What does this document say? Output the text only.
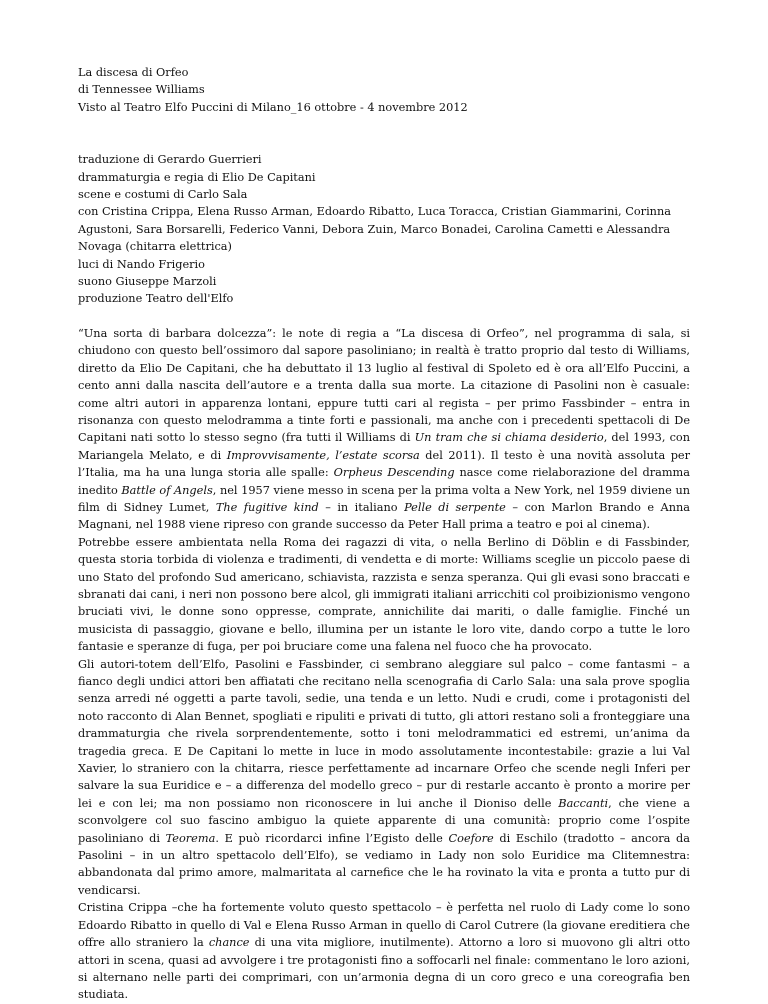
La discesa di Orfeo
di Tennessee Williams
Visto al Teatro Elfo Puccini di Milano_16 ottobre - 4 novembre 2012
traduzione di Gerardo Guerrieri
drammaturgia e regia di Elio De Capitani
scene e costumi di Carlo Sala
con Cristina Crippa, Elena Russo Arman, Edoardo Ribatto, Luca Toracca, Cristian Giammarini, Corinna Agustoni, Sara Borsarelli, Federico Vanni, Debora Zuin, Marco Bonadei, Carolina Cametti e Alessandra Novaga (chitarra elettrica)
luci di Nando Frigerio
suono Giuseppe Marzoli
produzione Teatro dell'Elfo

“Una sorta di barbara dolcezza”: le note di regia a “La discesa di Orfeo”, nel programma di sala, si chiudono con questo bell’ossimoro dal sapore pasoliniano; in realtà è tratto proprio dal testo di Williams, diretto da Elio De Capitani, che ha debuttato il 13 luglio al festival di Spoleto ed è ora all’Elfo Puccini, a cento anni dalla nascita dell’autore e a trenta dalla sua morte. La citazione di Pasolini non è casuale: come altri autori in apparenza lontani, eppure tutti cari al regista – per primo Fassbinder – entra in risonanza con questo melodramma a tinte forti e passionali, ma anche con i precedenti spettacoli di De Capitani nati sotto lo stesso segno (fra tutti il Williams di Un tram che si chiama desiderio, del 1993, con Mariangela Melato, e di Improvvisamente, l’estate scorsa del 2011). Il testo è una novità assoluta per l’Italia, ma ha una lunga storia alle spalle: Orpheus Descending nasce come rielaborazione del dramma inedito Battle of Angels, nel 1957 viene messo in scena per la prima volta a New York, nel 1959 diviene un film di Sidney Lumet, The fugitive kind – in italiano Pelle di serpente – con Marlon Brando e Anna Magnani, nel 1988 viene ripreso con grande successo da Peter Hall prima a teatro e poi al cinema).

Potrebbe essere ambientata nella Roma dei ragazzi di vita, o nella Berlino di Döblin e di Fassbinder, questa storia torbida di violenza e tradimenti, di vendetta e di morte: Williams sceglie un piccolo paese di uno Stato del profondo Sud americano, schiavista, razzista e senza speranza. Qui gli evasi sono braccati e sbranati dai cani, i neri non possono bere alcol, gli immigrati italiani arricchiti col proibizionismo vengono bruciati vivi, le donne sono oppresse, comprate, annichilite dai mariti, o dalle famiglie. Finché un musicista di passaggio, giovane e bello, illumina per un istante le loro vite, dando corpo a tutte le loro fantasie e speranze di fuga, per poi bruciare come una falena nel fuoco che ha provocato.

Gli autori-totem dell’Elfo, Pasolini e Fassbinder, ci sembrano aleggiare sul palco – come fantasmi – a fianco degli undici attori ben affiatati che recitano nella scenografia di Carlo Sala: una sala prove spoglia senza arredi né oggetti a parte tavoli, sedie, una tenda e un letto. Nudi e crudi, come i protagonisti del noto racconto di Alan Bennet, spogliati e ripuliti e privati di tutto, gli attori restano soli a fronteggiare una drammaturgia che rivela sorprendentemente, sotto i toni melodrammatici ed estremi, un’anima da tragedia greca. E De Capitani lo mette in luce in modo assolutamente incontestabile: grazie a lui Val Xavier, lo straniero con la chitarra, riesce perfettamente ad incarnare Orfeo che scende negli Inferi per salvare la sua Euridice e – a differenza del modello greco – pur di restarle accanto è pronto a morire per lei e con lei; ma non possiamo non riconoscere in lui anche il Dioniso delle Baccanti, che viene a sconvolgere col suo fascino ambiguo la quiete apparente di una comunità: proprio come l’ospite pasoliniano di Teorema. E può ricordarci infine l’Egisto delle Coefore di Eschilo (tradotto – ancora da Pasolini – in un altro spettacolo dell’Elfo), se vediamo in Lady non solo Euridice ma Clitemnestra: abbandonata dal primo amore, malmaritata al carnefice che le ha rovinato la vita e pronta a tutto pur di vendicarsi.

Cristina Crippa –che ha fortemente voluto questo spettacolo – è perfetta nel ruolo di Lady come lo sono Edoardo Ribatto in quello di Val e Elena Russo Arman in quello di Carol Cutrere (la giovane ereditiera che offre allo straniero la chance di una vita migliore, inutilmente). Attorno a loro si muovono gli altri otto attori in scena, quasi ad avvolgere i tre protagonisti fino a soffocarli nel finale: commentano le loro azioni, si alternano nelle parti dei comprimari, con un’armonia degna di un coro greco e una coreografia ben studiata.
